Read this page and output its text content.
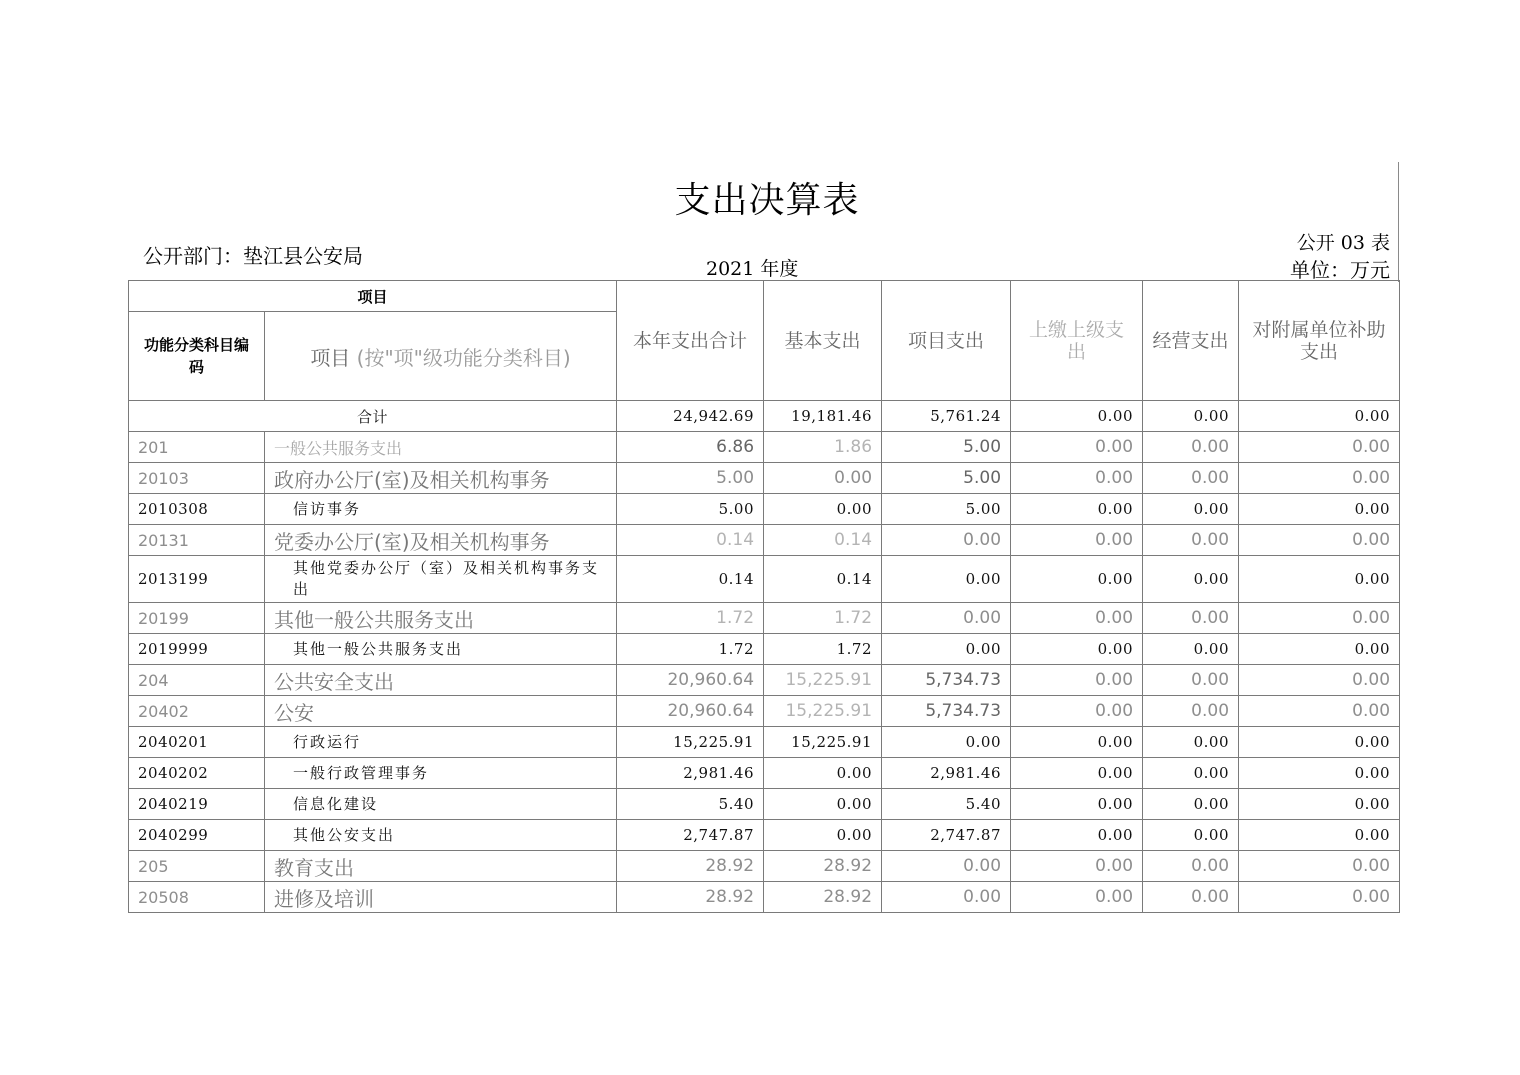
支出决算表
公开部门：垫江县公安局
2021 年度
公开 03 表
单位：万元
项目		本年支出合计	基本支出	项目支出	上缴上级支出	经营支出	对附属单位补助支出
功能分类科目编码	项目 (按"项"级功能分类科目)						
合计		24,942.69	19,181.46	5,761.24	0.00	0.00	0.00
201	一般公共服务支出	6.86	1.86	5.00	0.00	0.00	0.00
20103	政府办公厅(室)及相关机构事务	5.00	0.00	5.00	0.00	0.00	0.00
2010308	信访事务	5.00	0.00	5.00	0.00	0.00	0.00
20131	党委办公厅(室)及相关机构事务	0.14	0.14	0.00	0.00	0.00	0.00
2013199	其他党委办公厅（室）及相关机构事务支出	0.14	0.14	0.00	0.00	0.00	0.00
20199	其他一般公共服务支出	1.72	1.72	0.00	0.00	0.00	0.00
2019999	其他一般公共服务支出	1.72	1.72	0.00	0.00	0.00	0.00
204	公共安全支出	20,960.64	15,225.91	5,734.73	0.00	0.00	0.00
20402	公安	20,960.64	15,225.91	5,734.73	0.00	0.00	0.00
2040201	行政运行	15,225.91	15,225.91	0.00	0.00	0.00	0.00
2040202	一般行政管理事务	2,981.46	0.00	2,981.46	0.00	0.00	0.00
2040219	信息化建设	5.40	0.00	5.40	0.00	0.00	0.00
2040299	其他公安支出	2,747.87	0.00	2,747.87	0.00	0.00	0.00
205	教育支出	28.92	28.92	0.00	0.00	0.00	0.00
20508	进修及培训	28.92	28.92	0.00	0.00	0.00	0.00
